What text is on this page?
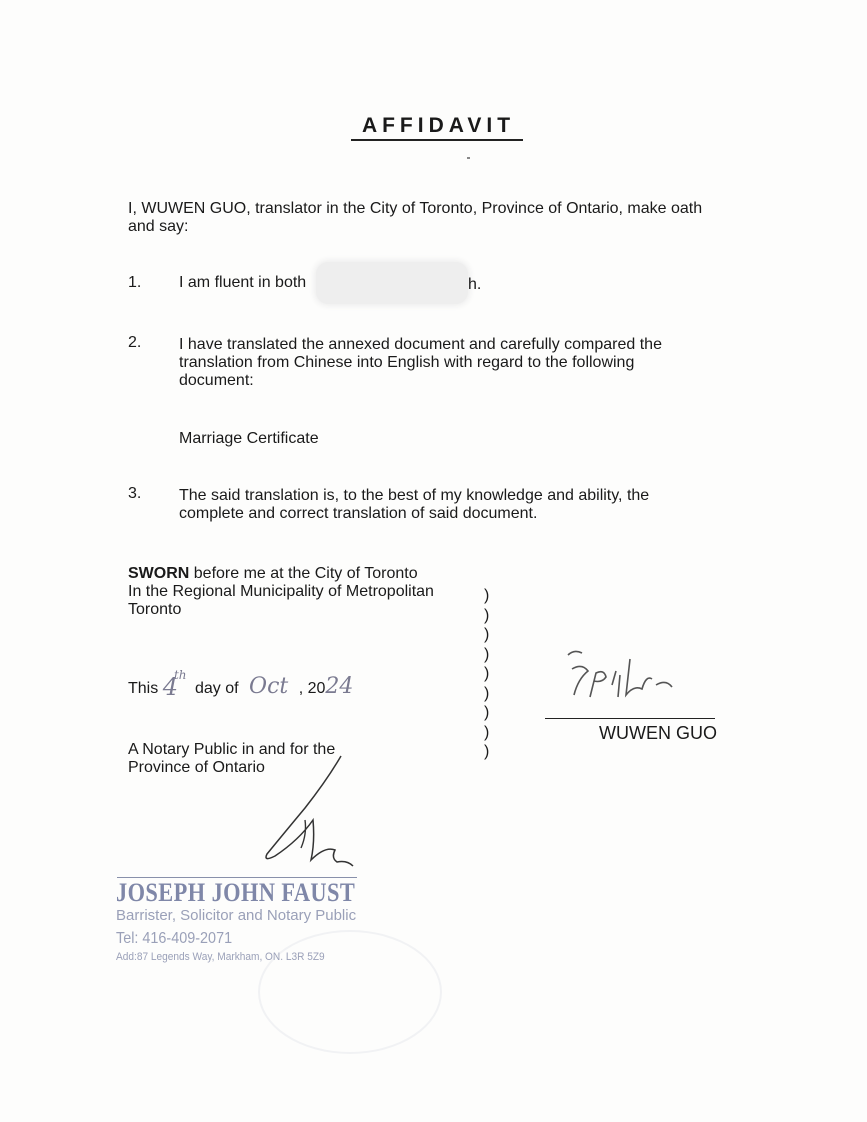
AFFIDAVIT
I, WUWEN GUO, translator in the City of Toronto, Province of Ontario, make oath and say:
1.	I am fluent in both	h.
2.	I have translated the annexed document and carefully compared the translation from Chinese into English with regard to the following document:
Marriage Certificate
3.	The said translation is, to the best of my knowledge and ability, the complete and correct translation of said document.
SWORN before me at the City of Toronto
In the Regional Municipality of Metropolitan
Toronto
)
)
)
)
)
)
)
)
)
This 4th day of Oct , 2024
WUWEN GUO
A Notary Public in and for the
Province of Ontario
JOSEPH JOHN FAUST
Barrister, Solicitor and Notary Public
Tel: 416-409-2071
Add:87 Legends Way, Markham, ON. L3R 5Z9
